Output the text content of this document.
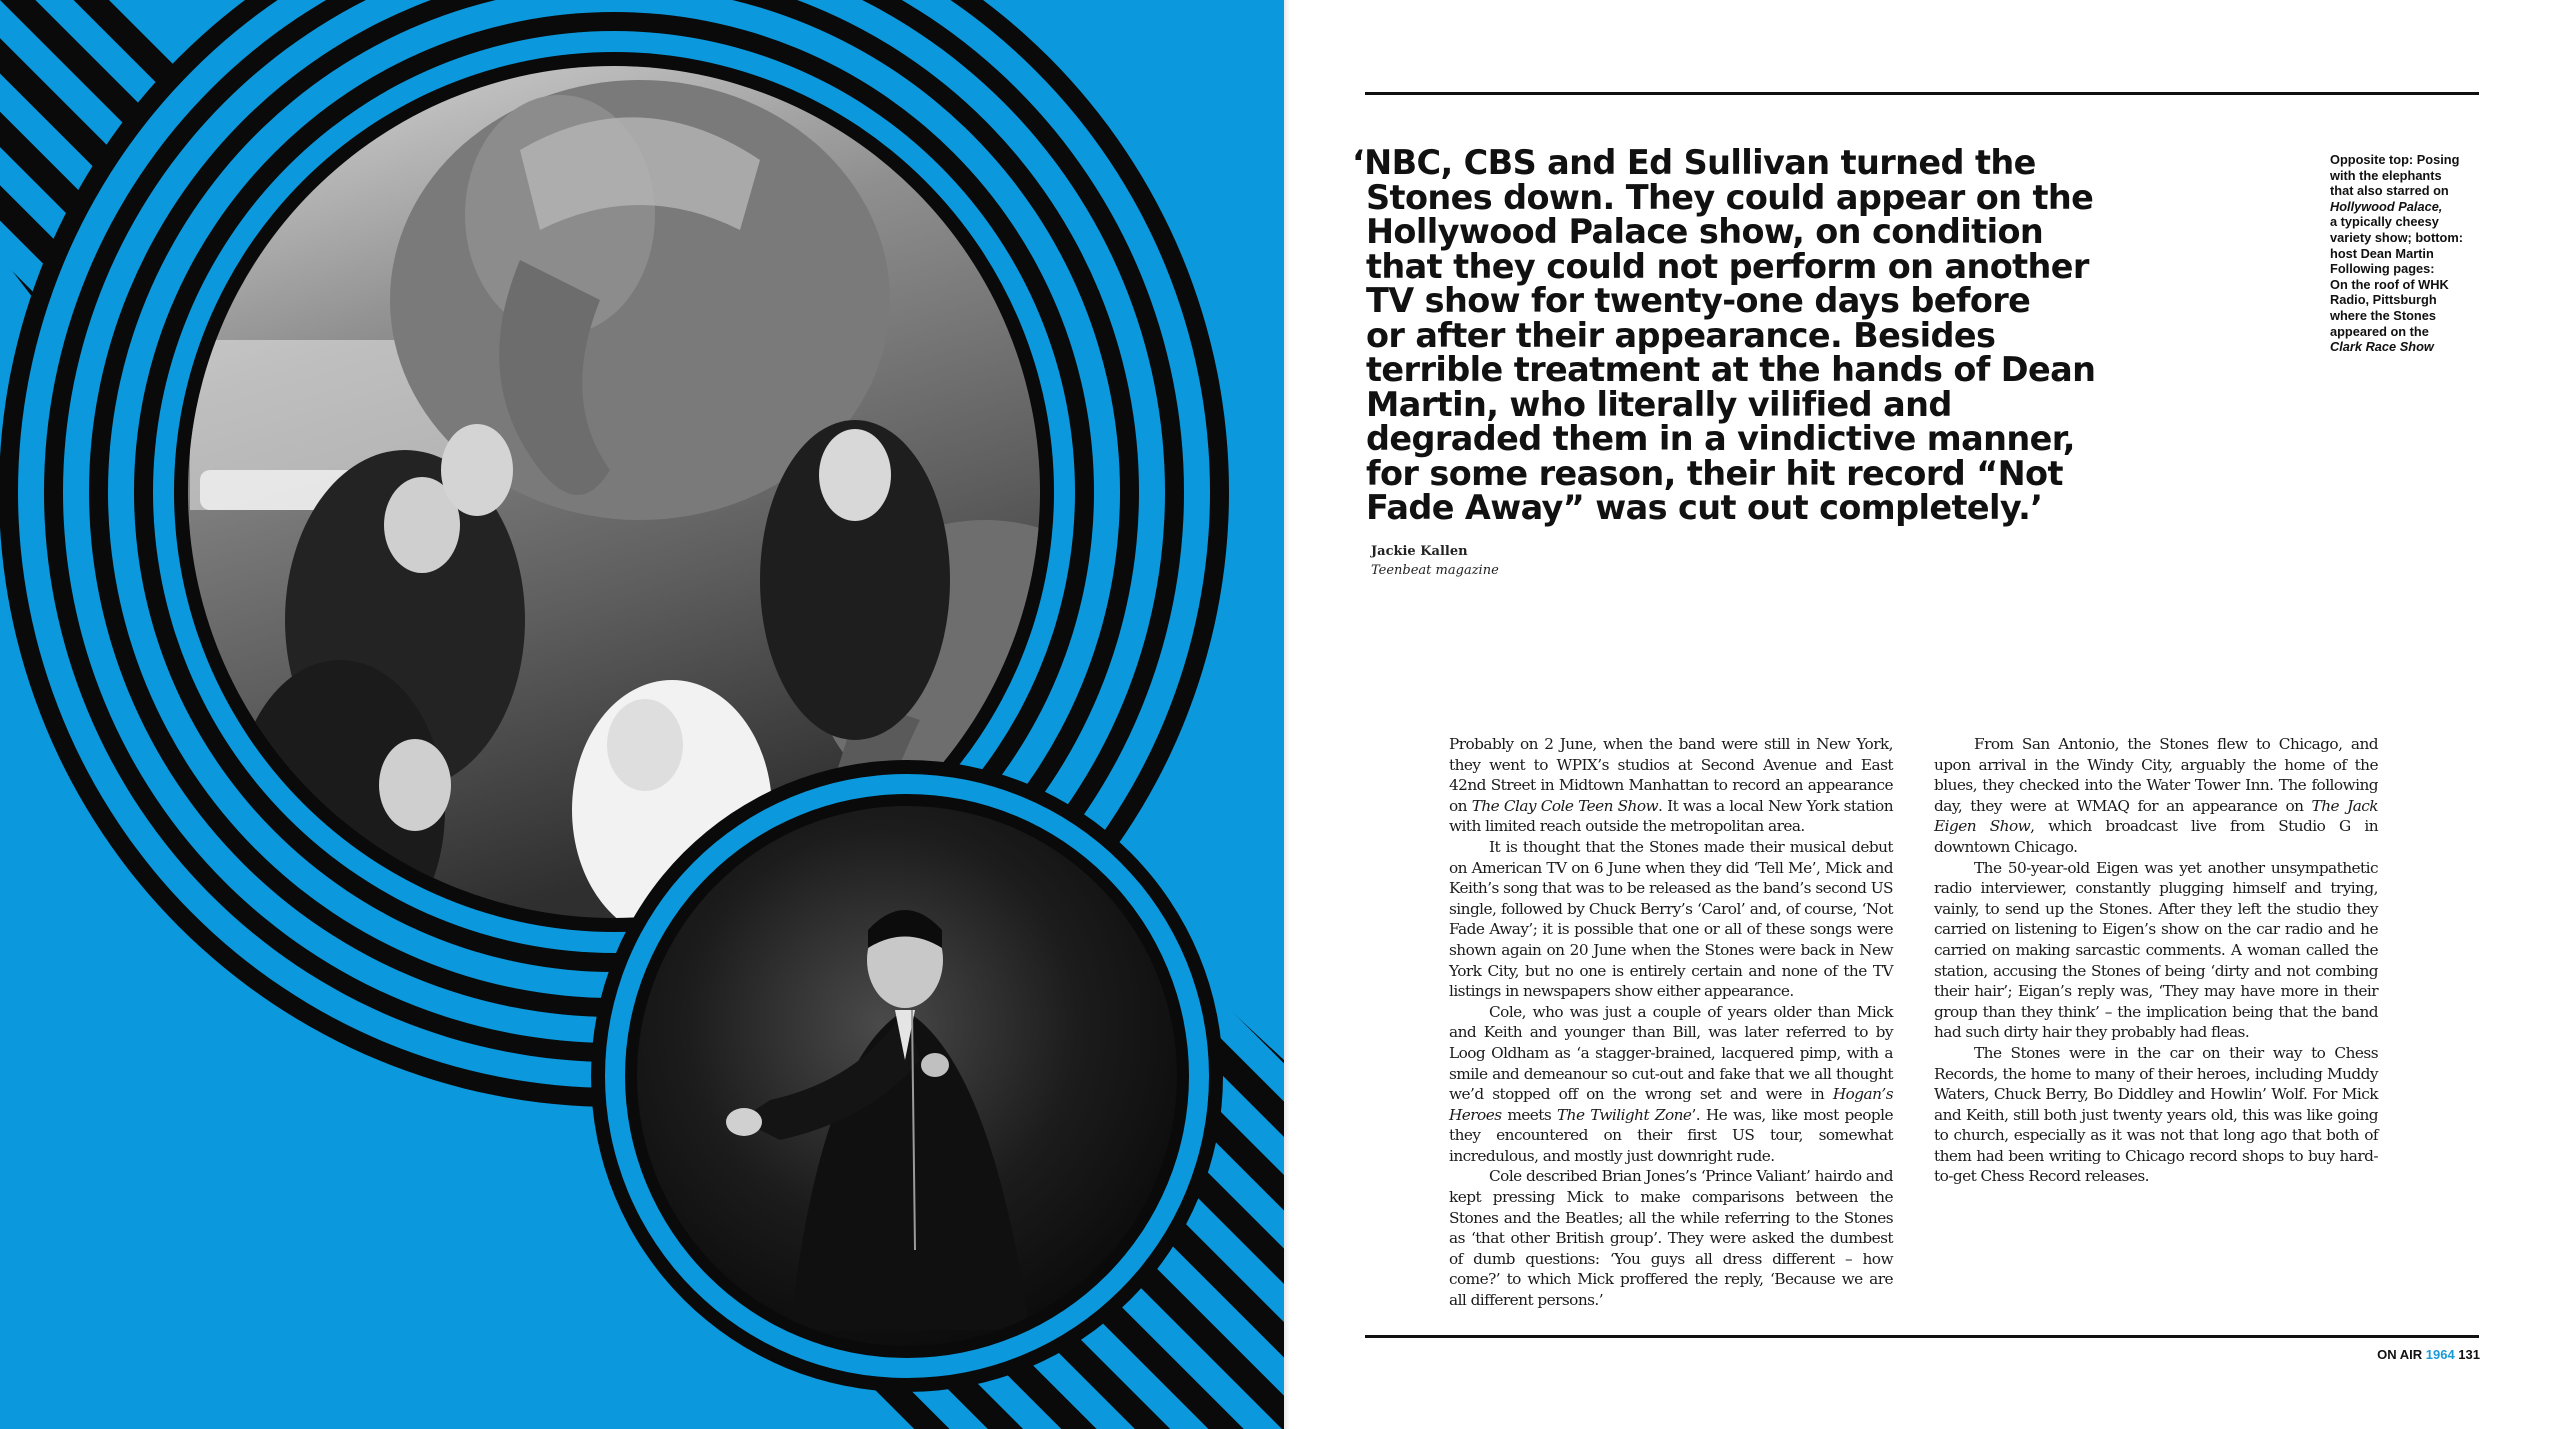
‘NBC, CBS and Ed Sullivan turned the
Stones down. They could appear on the
Hollywood Palace show, on condition
that they could not perform on another
TV show for twenty-one days before
or after their appearance. Besides
terrible treatment at the hands of Dean
Martin, who literally vilified and
degraded them in a vindictive manner,
for some reason, their hit record “Not
Fade Away” was cut out completely.’
Jackie Kallen
Teenbeat magazine
Opposite top: Posing
with the elephants
that also starred on
Hollywood Palace,
a typically cheesy
variety show; bottom:
host Dean Martin
Following pages:
On the roof of WHK
Radio, Pittsburgh
where the Stones
appeared on the
Clark Race Show

Probably on 2 June, when the band were still in New York, they went to WPIX’s studios at Second Avenue and East 42nd Street in Midtown Manhattan to record an appearance on The Clay Cole Teen Show. It was a local New York station with limited reach outside the metropolitan area.

It is thought that the Stones made their musical debut on American TV on 6 June when they did ‘Tell Me’, Mick and Keith’s song that was to be released as the band’s second US single, followed by Chuck Berry’s ‘Carol’ and, of course, ‘Not Fade Away’; it is possible that one or all of these songs were shown again on 20 June when the Stones were back in New York City, but no one is entirely certain and none of the TV listings in newspapers show either appearance.

Cole, who was just a couple of years older than Mick and Keith and younger than Bill, was later referred to by Loog Oldham as ‘a stagger-brained, lacquered pimp, with a smile and demeanour so cut-out and fake that we all thought we’d stopped off on the wrong set and were in Hogan’s Heroes meets The Twilight Zone’. He was, like most people they encountered on their first US tour, somewhat incredulous, and mostly just downright rude.

Cole described Brian Jones’s ‘Prince Valiant’ hairdo and kept pressing Mick to make comparisons between the Stones and the Beatles; all the while referring to the Stones as ‘that other British group’. They were asked the dumbest of dumb questions: ‘You guys all dress different – how come?’ to which Mick proffered the reply, ‘Because we are all different persons.’

From San Antonio, the Stones flew to Chicago, and upon arrival in the Windy City, arguably the home of the blues, they checked into the Water Tower Inn. The following day, they were at WMAQ for an appearance on The Jack Eigen Show, which broadcast live from Studio G in downtown Chicago.

The 50-year-old Eigen was yet another unsympathetic radio interviewer, constantly plugging himself and trying, vainly, to send up the Stones. After they left the studio they carried on listening to Eigen’s show on the car radio and he carried on making sarcastic comments. A woman called the station, accusing the Stones of being ‘dirty and not combing their hair’; Eigan’s reply was, ‘They may have more in their group than they think’ – the implication being that the band had such dirty hair they probably had fleas.

The Stones were in the car on their way to Chess Records, the home to many of their heroes, including Muddy Waters, Chuck Berry, Bo Diddley and Howlin’ Wolf. For Mick and Keith, still both just twenty years old, this was like going to church, especially as it was not that long ago that both of them had been writing to Chicago record shops to buy hard-to-get Chess Record releases.

ON AIR 1964 131
